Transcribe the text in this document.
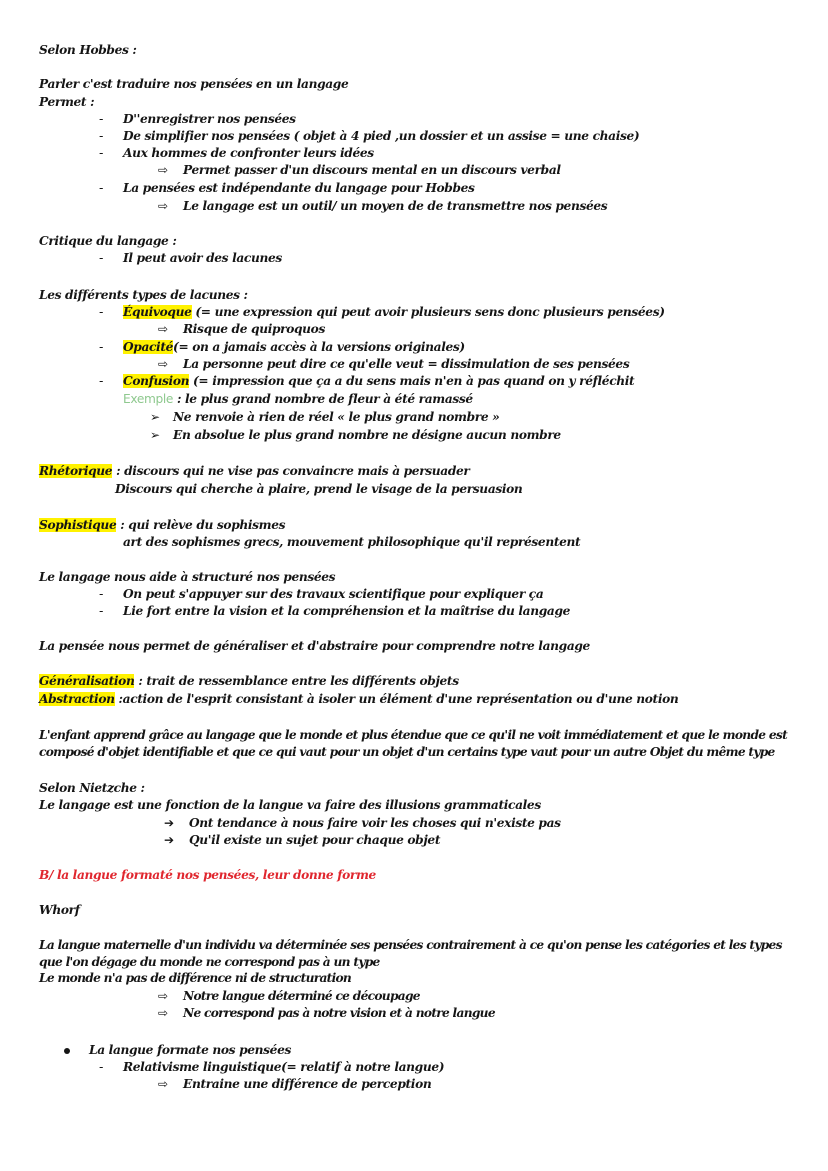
Selon Hobbes :
Parler c'est traduire nos pensées en un langage
Permet :
- D''enregistrer nos pensées
- De simplifier nos pensées ( objet à 4 pied ,un dossier et un assise = une chaise)
- Aux hommes de confronter leurs idées
⇨ Permet passer d'un discours mental en un discours verbal
- La pensées est indépendante du langage pour Hobbes
⇨ Le langage est un outil/ un moyen de de transmettre nos pensées
Critique du langage :
- Il peut avoir des lacunes
Les différents types de lacunes :
- Équivoque (= une expression qui peut avoir plusieurs sens donc plusieurs pensées)
⇨ Risque de quiproquos
- Opacité(= on a jamais accès à la versions originales)
⇨ La personne peut dire ce qu'elle veut = dissimulation de ses pensées
- Confusion (= impression que ça a du sens mais n'en à pas quand on y réfléchit
Exemple : le plus grand nombre de fleur à été ramassé
➢ Ne renvoie à rien de réel « le plus grand nombre »
➢ En absolue le plus grand nombre ne désigne aucun nombre
Rhétorique : discours qui ne vise pas convaincre mais à persuader
Discours qui cherche à plaire, prend le visage de la persuasion
Sophistique : qui relève du sophismes
art des sophismes grecs, mouvement philosophique qu'il représentent
Le langage nous aide à structuré nos pensées
- On peut s'appuyer sur des travaux scientifique pour expliquer ça
- Lie fort entre la vision et la compréhension et la maîtrise du langage
La pensée nous permet de généraliser et d'abstraire pour comprendre notre langage
Généralisation : trait de ressemblance entre les différents objets
Abstraction :action de l'esprit consistant à isoler un élément d'une représentation ou d'une notion
L'enfant apprend grâce au langage que le monde et plus étendue que ce qu'il ne voit immédiatement et que le monde est
composé d'objet identifiable et que ce qui vaut pour un objet d'un certains type vaut pour un autre Objet du même type
Selon Nietzche :
Le langage est une fonction de la langue va faire des illusions grammaticales
➔ Ont tendance à nous faire voir les choses qui n'existe pas
➔ Qu'il existe un sujet pour chaque objet
B/ la langue formaté nos pensées, leur donne forme
Whorf
La langue maternelle d'un individu va déterminée ses pensées contrairement à ce qu'on pense les catégories et les types
que l'on dégage du monde ne correspond pas à un type
Le monde n'a pas de différence ni de structuration
⇨ Notre langue déterminé ce découpage
⇨ Ne correspond pas à notre vision et à notre langue
La langue formate nos pensées
- Relativisme linguistique(= relatif à notre langue)
⇨ Entraine une différence de perception
